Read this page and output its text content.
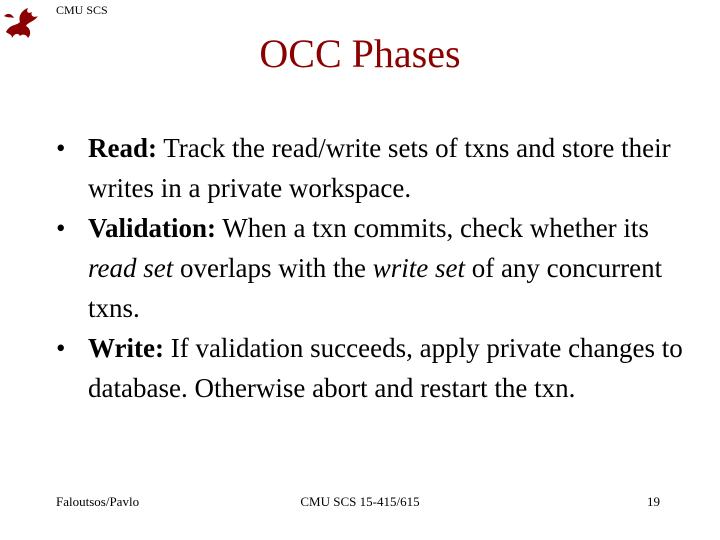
CMU SCS
OCC Phases
• Read: Track the read/write sets of txns and store their writes in a private workspace.
• Validation: When a txn commits, check whether its read set overlaps with the write set of any concurrent txns.
• Write: If validation succeeds, apply private changes to database. Otherwise abort and restart the txn.
Faloutsos/Pavlo	CMU SCS 15-415/615	19
